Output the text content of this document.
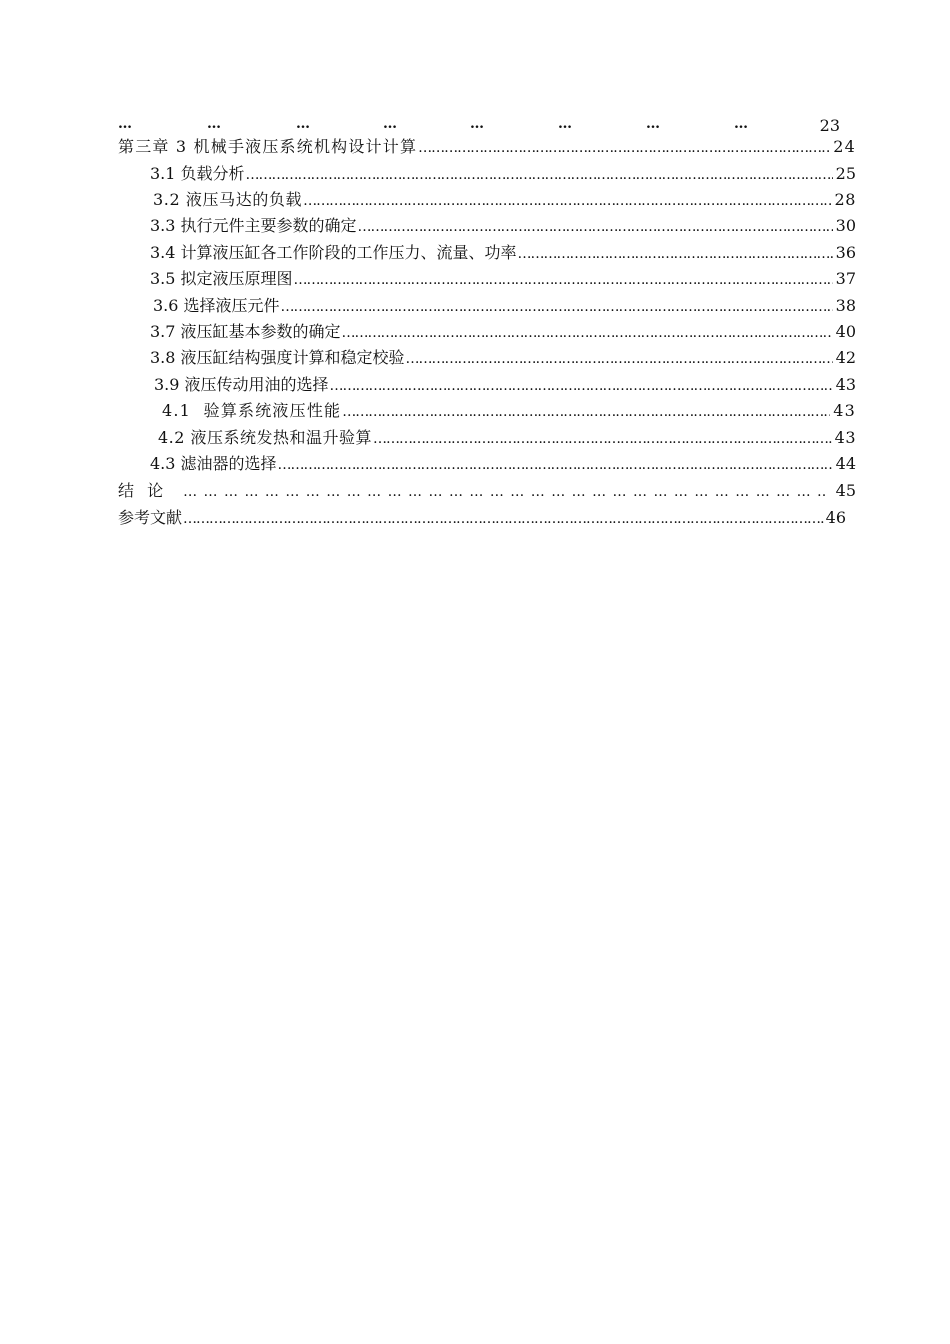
…	…	…	…	…	…	…	…	23
第三章 3 机械手液压系统机构设计计算 ………………………………………………………………………………………………………………………………………………………………………………………………………………………………	24
3.1 负载分析 ………………………………………………………………………………………………………………………………………………………………………………………………………………………………	25
3.2 液压马达的负载 ………………………………………………………………………………………………………………………………………………………………………………………………………………………………	28
3.3 执行元件主要参数的确定 ………………………………………………………………………………………………………………………………………………………………………………………………………………………………	30
3.4 计算液压缸各工作阶段的工作压力、流量、功率 ………………………………………………………………………………………………………………………………………………………………………………………………………………………………	36
3.5 拟定液压原理图 ………………………………………………………………………………………………………………………………………………………………………………………………………………………………	37
3.6 选择液压元件 ………………………………………………………………………………………………………………………………………………………………………………………………………………………………	38
3.7 液压缸基本参数的确定 ………………………………………………………………………………………………………………………………………………………………………………………………………………………………	40
3.8 液压缸结构强度计算和稳定校验 ………………………………………………………………………………………………………………………………………………………………………………………………………………………………	42
3.9 液压传动用油的选择 ………………………………………………………………………………………………………………………………………………………………………………………………………………………………	43
4.1  验算系统液压性能 ………………………………………………………………………………………………………………………………………………………………………………………………………………………………	43
4.2 液压系统发热和温升验算 ………………………………………………………………………………………………………………………………………………………………………………………………………………………………	43
4.3 滤油器的选择 ………………………………………………………………………………………………………………………………………………………………………………………………………………………………	44
结 论 … … … … … … … … … … … … … … … … … … … … … … … … … … … … … … … … … … … … … … … … …	45
参考文献 ………………………………………………………………………………………………………………………………………………………………………………………………………………………………	46
